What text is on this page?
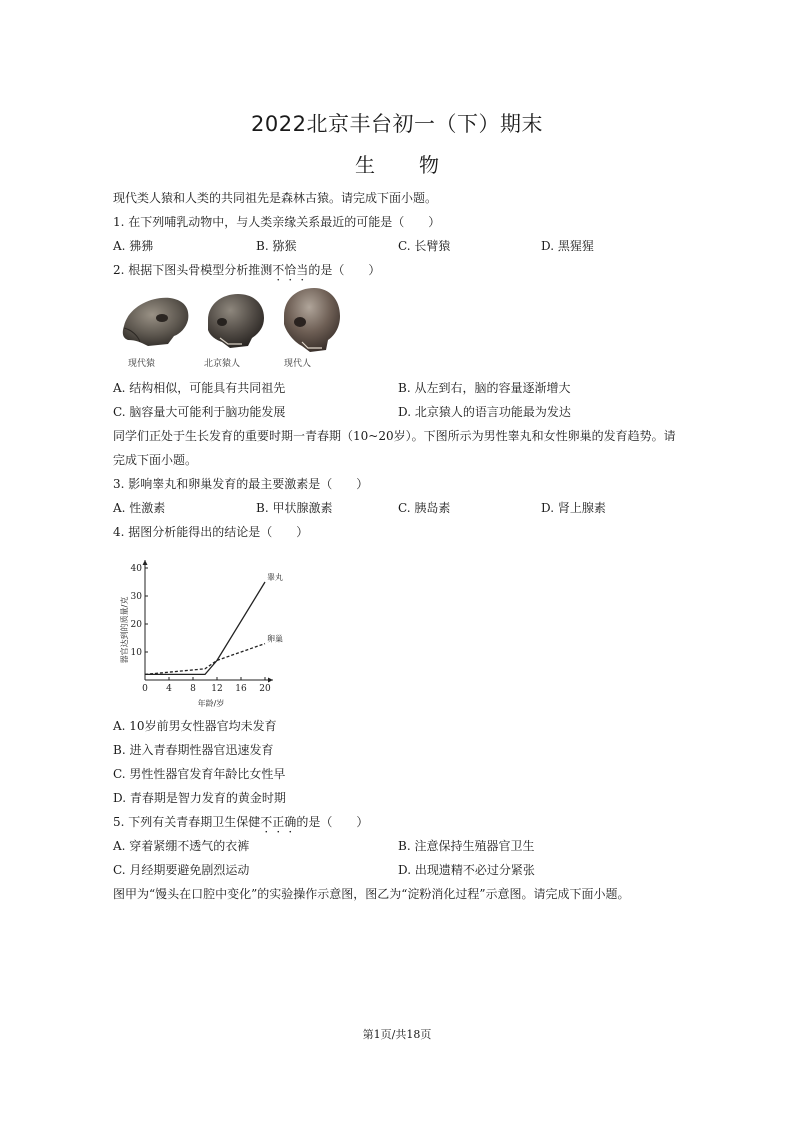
2022北京丰台初一（下）期末
生 物
现代类人猿和人类的共同祖先是森林古猿。请完成下面小题。
1. 在下列哺乳动物中，与人类亲缘关系最近的可能是（　　）
A. 狒狒	B. 猕猴	C. 长臂猿	D. 黑猩猩
2. 根据下图头骨模型分析推测不恰当的是（　　）
现代猿	北京猿人	现代人
A. 结构相似，可能具有共同祖先	B. 从左到右，脑的容量逐渐增大
C. 脑容量大可能利于脑功能发展	D. 北京猿人的语言功能最为发达
同学们正处于生长发育的重要时期一青春期（10~20岁）。下图所示为男性睾丸和女性卵巢的发育趋势。请
完成下面小题。
3. 影响睾丸和卵巢发育的最主要激素是（　　）
A. 性激素	B. 甲状腺激素	C. 胰岛素	D. 肾上腺素
4. 据图分析能得出的结论是（　　）
0 4 8 12 16 20
10
20
30
40
年龄/岁
器官达到的质量/克
睾丸
卵巢
A. 10岁前男女性器官均未发育
B. 进入青春期性器官迅速发育
C. 男性性器官发育年龄比女性早
D. 青春期是智力发育的黄金时期
5. 下列有关青春期卫生保健不正确的是（　　）
A. 穿着紧绷不透气的衣裤	B. 注意保持生殖器官卫生
C. 月经期要避免剧烈运动	D. 出现遗精不必过分紧张
图甲为“馒头在口腔中变化”的实验操作示意图，图乙为“淀粉消化过程”示意图。请完成下面小题。
第1页/共18页
